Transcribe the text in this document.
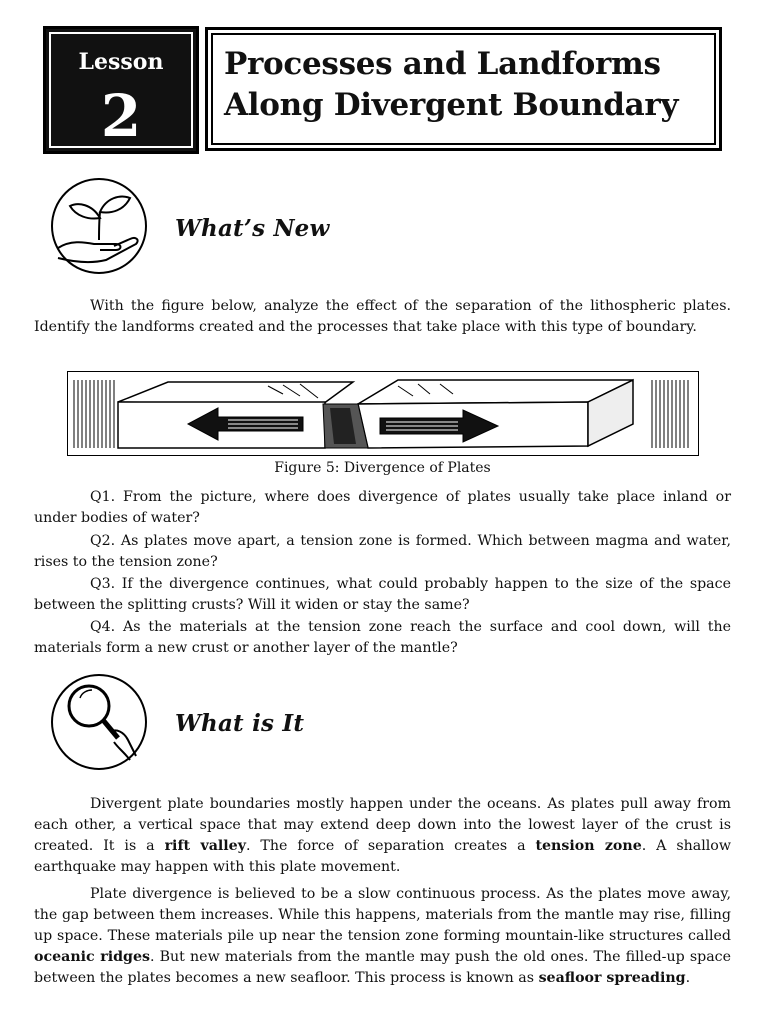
Lesson
2
Processes and Landforms
Along Divergent Boundary
What’s New

With the figure below, analyze the effect of the separation of the lithospheric plates. Identify the landforms created and the processes that take place with this type of boundary.

Figure 5: Divergence of Plates

Q1. From the picture, where does divergence of plates usually take place inland or under bodies of water?

Q2. As plates move apart, a tension zone is formed. Which between magma and water, rises to the tension zone?

Q3. If the divergence continues, what could probably happen to the size of the space between the splitting crusts? Will it widen or stay the same?

Q4. As the materials at the tension zone reach the surface and cool down, will the materials form a new crust or another layer of the mantle?

What is It

Divergent plate boundaries mostly happen under the oceans. As plates pull away from each other, a vertical space that may extend deep down into the lowest layer of the crust is created. It is a rift valley. The force of separation creates a tension zone. A shallow earthquake may happen with this plate movement.

Plate divergence is believed to be a slow continuous process. As the plates move away, the gap between them increases. While this happens, materials from the mantle may rise, filling up space. These materials pile up near the tension zone forming mountain-like structures called oceanic ridges. But new materials from the mantle may push the old ones. The filled-up space between the plates becomes a new seafloor. This process is known as seafloor spreading.
